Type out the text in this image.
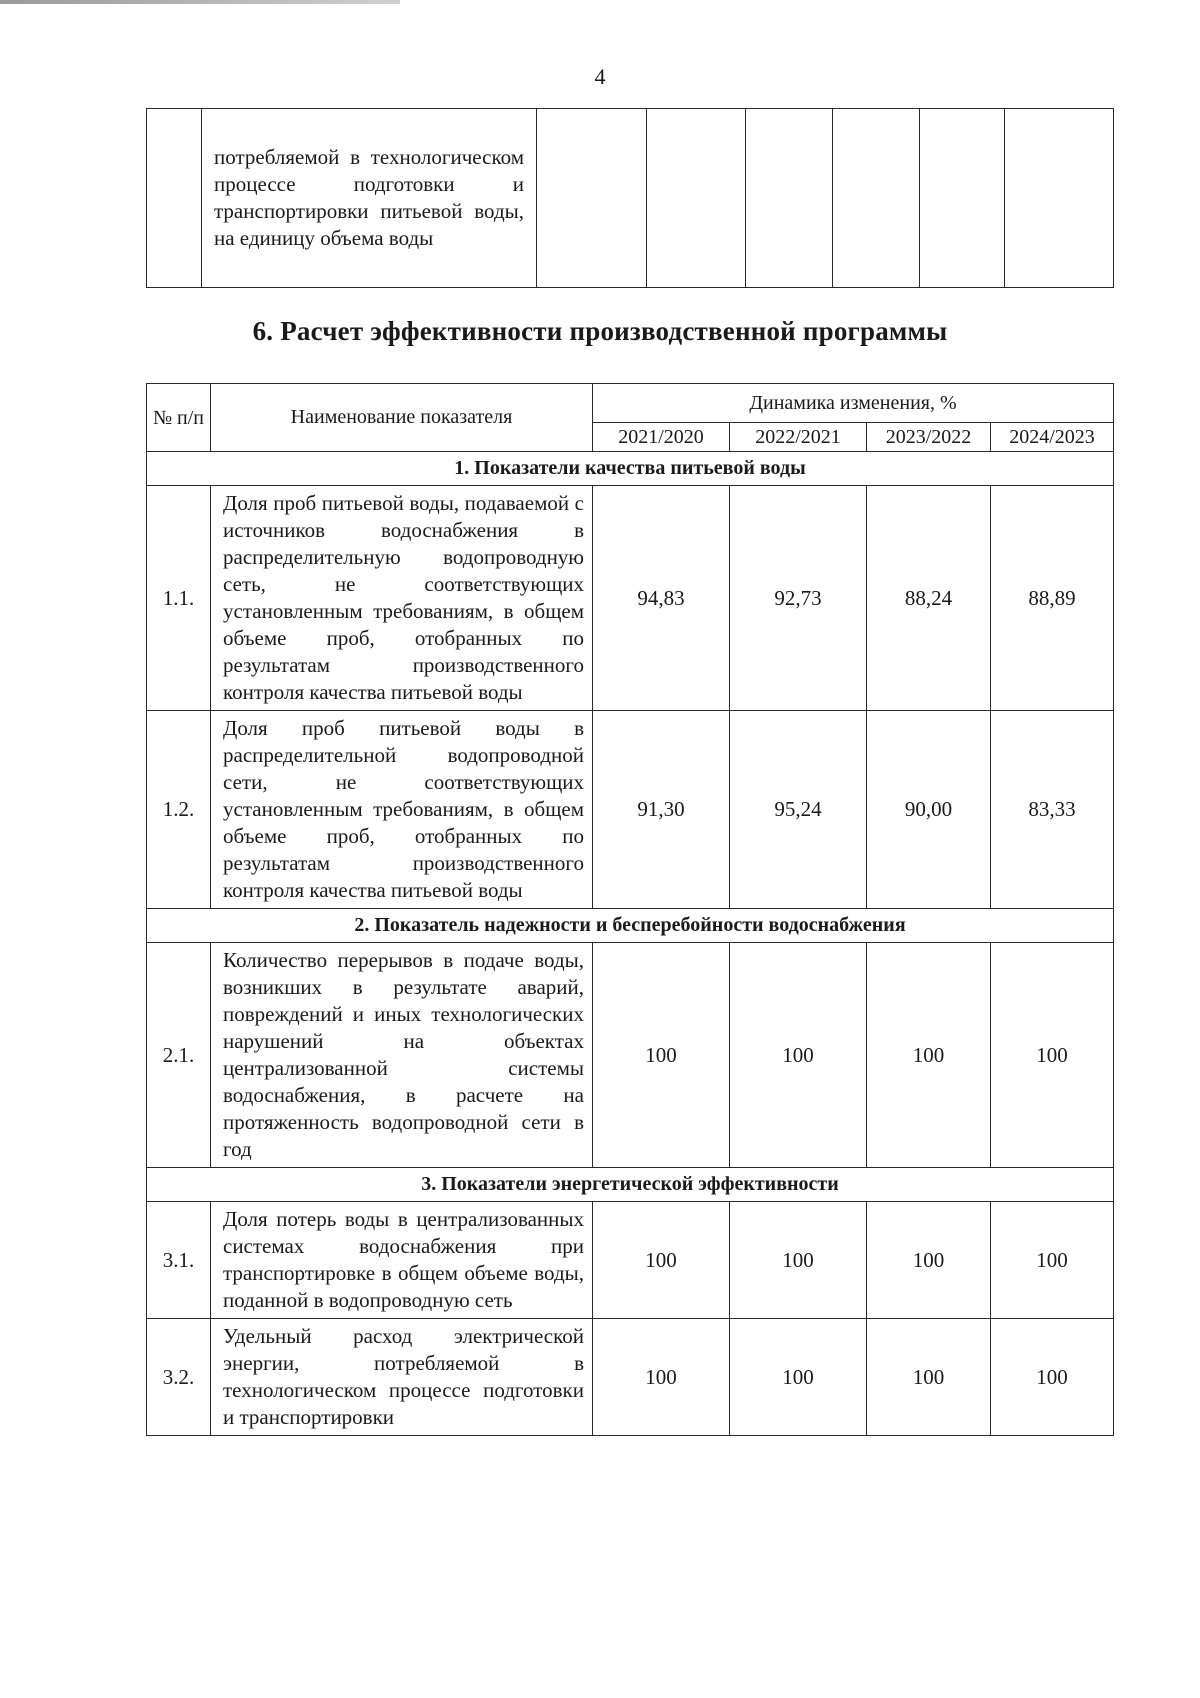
4

потребляемой в технологическом процессе подготовки и транспортировки питьевой воды, на единицу объема воды

6. Расчет эффективности производственной программы
№ п/п	Наименование показателя	Динамика изменения, %			
		2021/2020	2022/2021	2023/2022	2024/2023
1. Показатели качества питьевой воды					
1.1.	Доля проб питьевой воды, подаваемой с источников водоснабжения в распределительную водопроводную сеть, не соответствующих установленным требованиям, в общем объеме проб, отобранных по результатам производственного контроля качества питьевой воды	94,83	92,73	88,24	88,89
1.2.	Доля проб питьевой воды в распределительной водопроводной сети, не соответствующих установленным требованиям, в общем объеме проб, отобранных по результатам производственного контроля качества питьевой воды	91,30	95,24	90,00	83,33
2. Показатель надежности и бесперебойности водоснабжения					
2.1.	Количество перерывов в подаче воды, возникших в результате аварий, повреждений и иных технологических нарушений на объектах централизованной системы водоснабжения, в расчете на протяженность водопроводной сети в год	100	100	100	100
3. Показатели энергетической эффективности					
3.1.	Доля потерь воды в централизованных системах водоснабжения при транспортировке в общем объеме воды, поданной в водопроводную сеть	100	100	100	100
3.2.	Удельный расход электрической энергии, потребляемой в технологическом процессе подготовки и транспортировки	100	100	100	100
